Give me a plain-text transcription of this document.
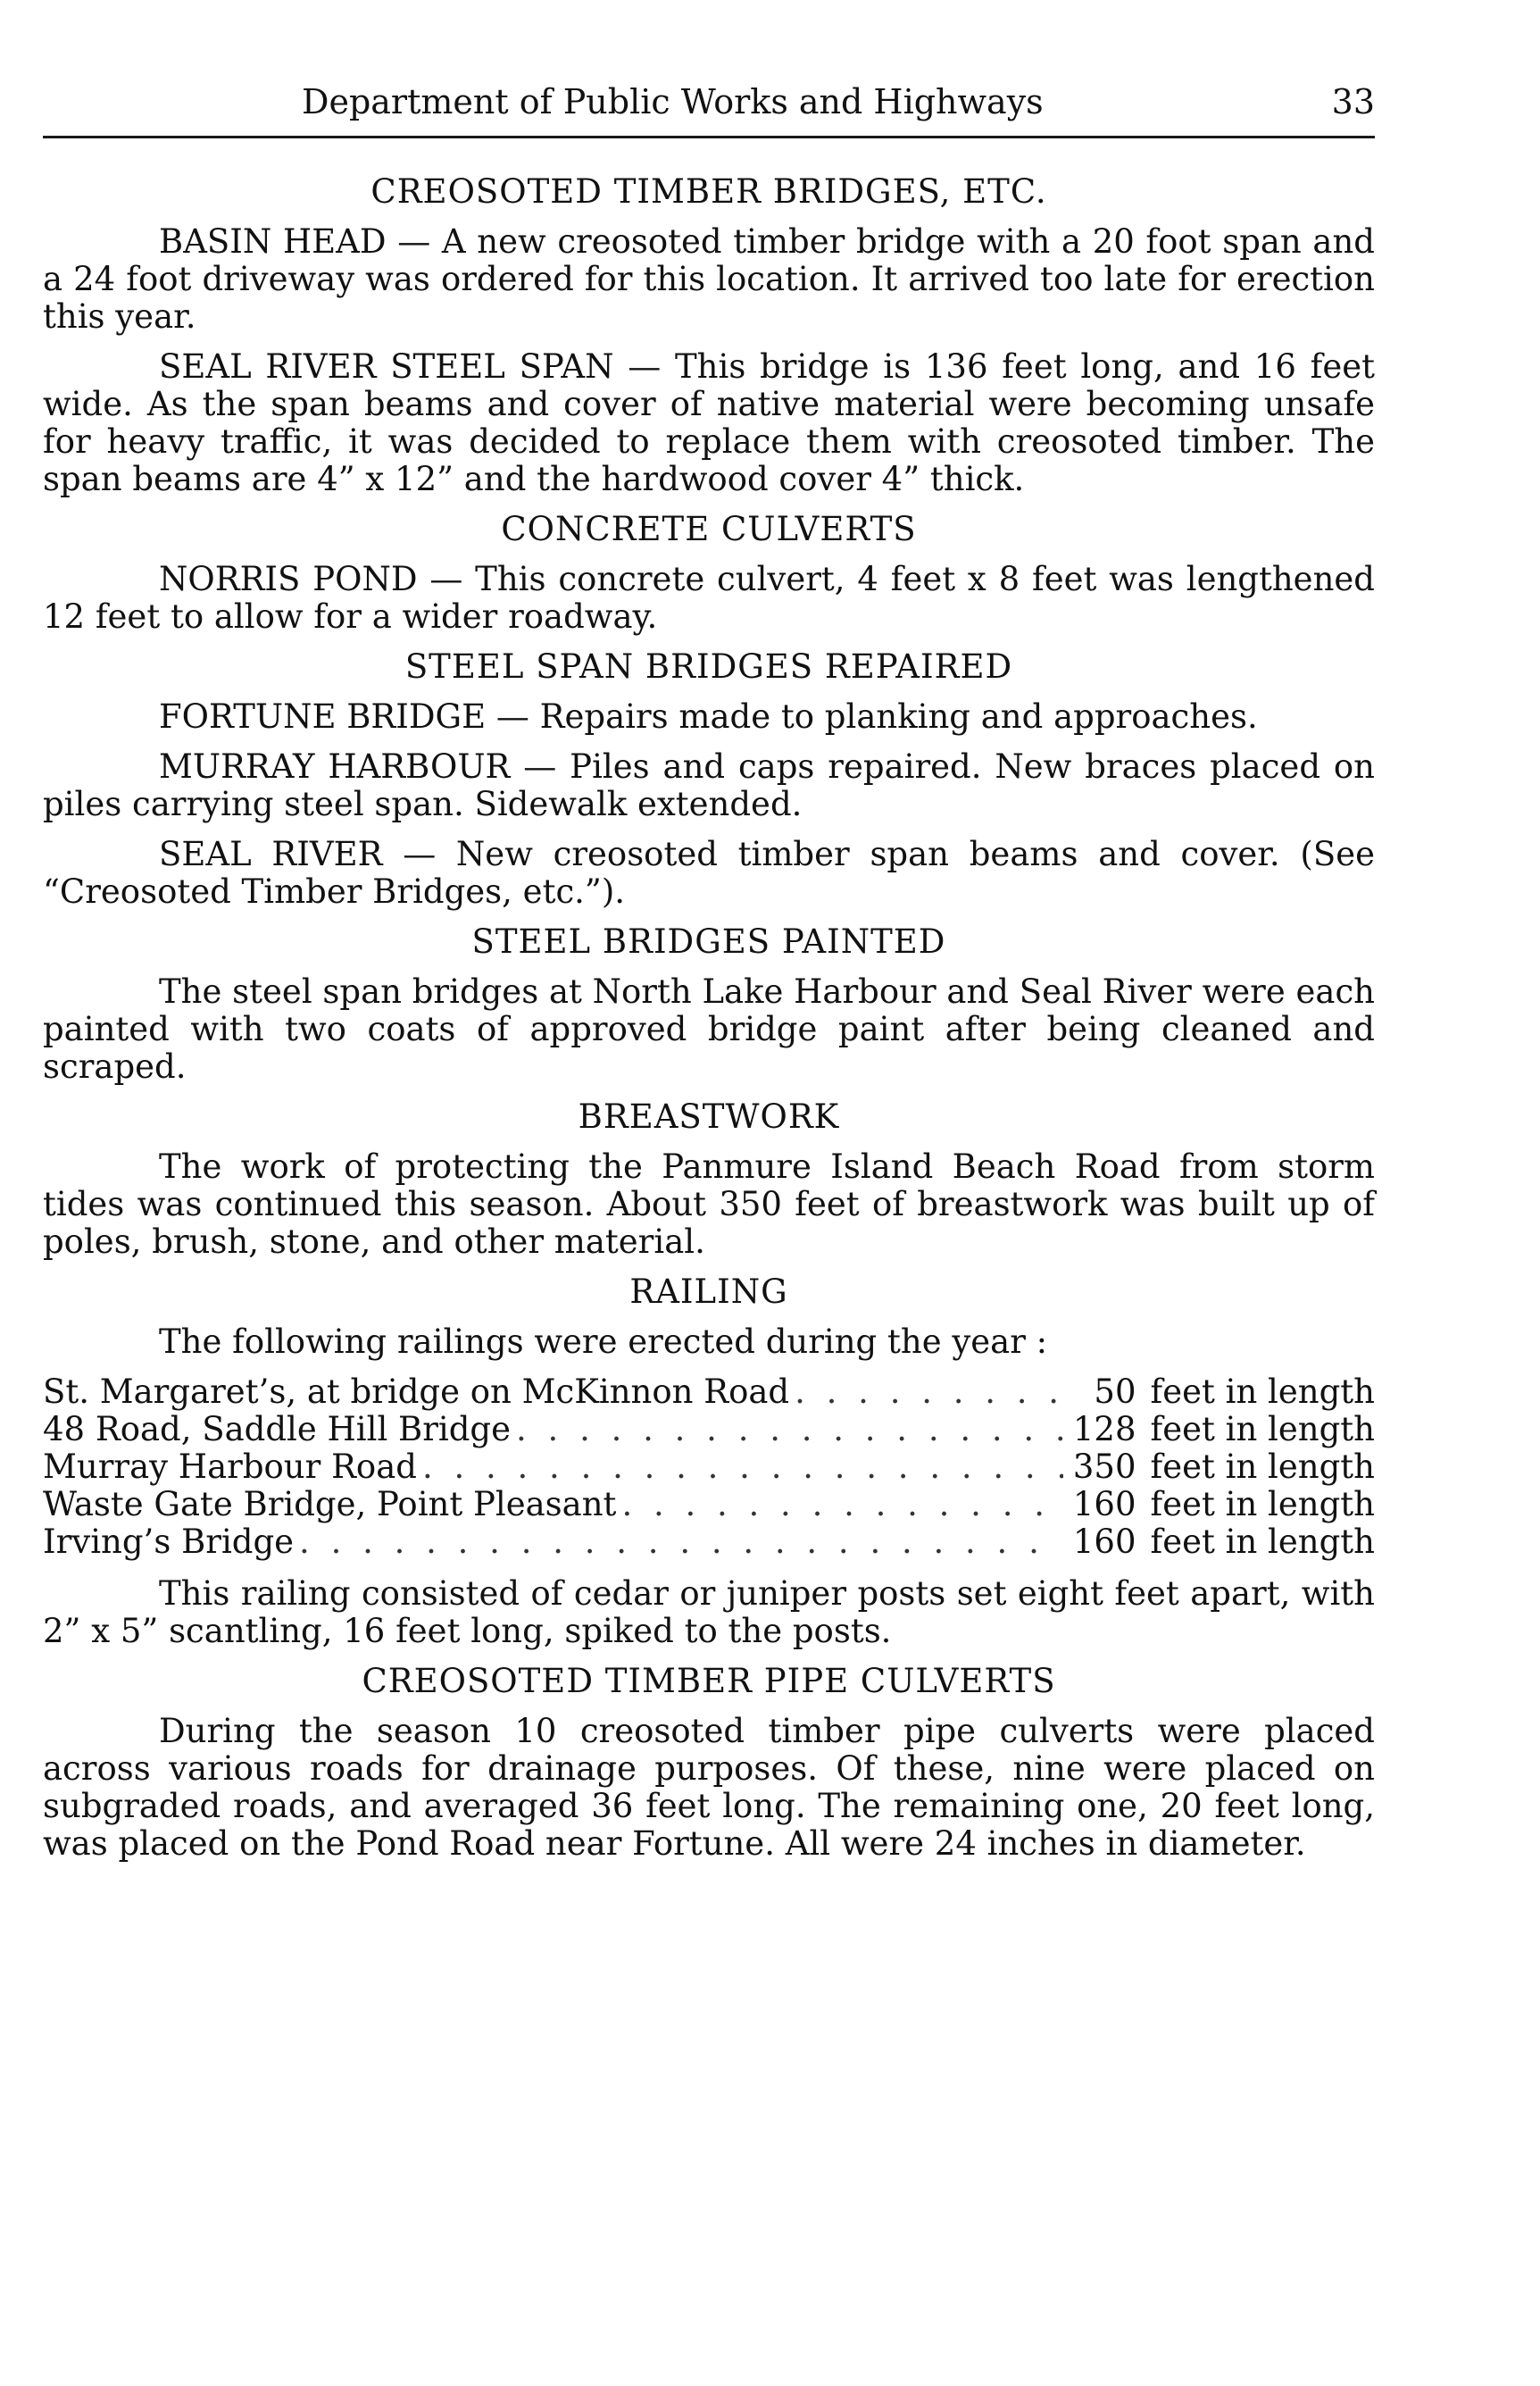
Department of Public Works and Highways	33
CREOSOTED TIMBER BRIDGES, ETC.

BASIN HEAD — A new creosoted timber bridge with a 20 foot span and a 24 foot driveway was ordered for this location. It arrived too late for erection this year.

SEAL RIVER STEEL SPAN — This bridge is 136 feet long, and 16 feet wide. As the span beams and cover of native material were becoming unsafe for heavy traffic, it was decided to replace them with creosoted timber. The span beams are 4” x 12” and the hardwood cover 4” thick.

CONCRETE CULVERTS

NORRIS POND — This concrete culvert, 4 feet x 8 feet was lengthened 12 feet to allow for a wider roadway.

STEEL SPAN BRIDGES REPAIRED

FORTUNE BRIDGE — Repairs made to planking and approaches.

MURRAY HARBOUR — Piles and caps repaired. New braces placed on piles carrying steel span. Sidewalk extended.

SEAL RIVER — New creosoted timber span beams and cover. (See “Creosoted Timber Bridges, etc.”).

STEEL BRIDGES PAINTED

The steel span bridges at North Lake Harbour and Seal River were each painted with two coats of approved bridge paint after being cleaned and scraped.

BREASTWORK

The work of protecting the Panmure Island Beach Road from storm tides was continued this season. About 350 feet of breastwork was built up of poles, brush, stone, and other material.

RAILING

The following railings were erected during the year :

St. Margaret’s, at bridge on McKinnon Road . . .	50 feet in length
48 Road, Saddle Hill Bridge . . .	128 feet in length
Murray Harbour Road . . .	350 feet in length
Waste Gate Bridge, Point Pleasant . . .	160 feet in length
Irving’s Bridge . . .	160 feet in length

This railing consisted of cedar or juniper posts set eight feet apart, with 2” x 5” scantling, 16 feet long, spiked to the posts.

CREOSOTED TIMBER PIPE CULVERTS

During the season 10 creosoted timber pipe culverts were placed across various roads for drainage purposes. Of these, nine were placed on subgraded roads, and averaged 36 feet long. The remaining one, 20 feet long, was placed on the Pond Road near Fortune. All were 24 inches in diameter.
